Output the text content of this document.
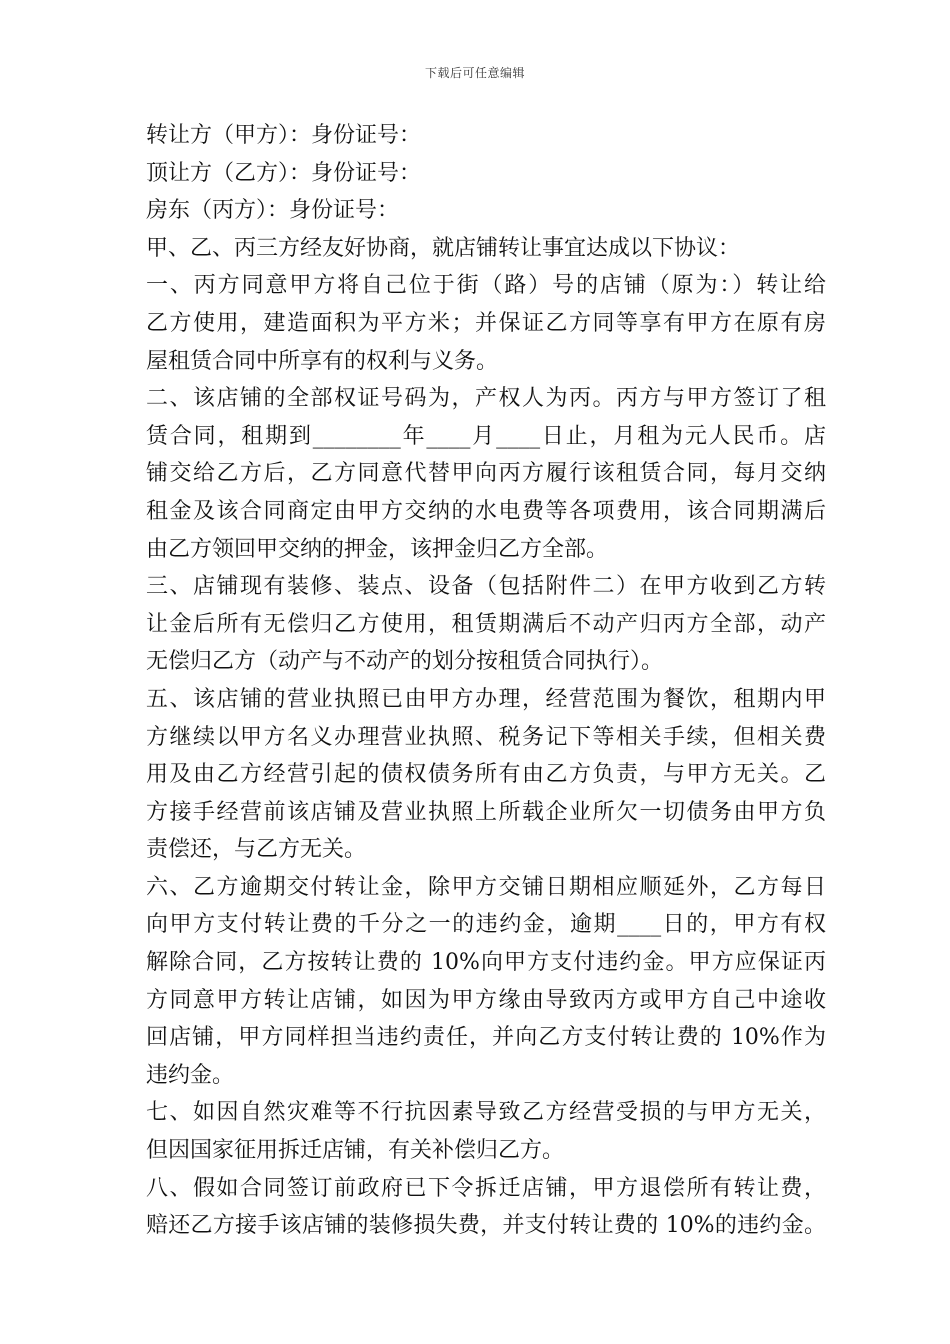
下载后可任意编辑
转让方（甲方）：身份证号：
顶让方（乙方）：身份证号：
房东（丙方）：身份证号：
甲、乙、丙三方经友好协商，就店铺转让事宜达成以下协议：
一、丙方同意甲方将自己位于街（路）号的店铺（原为：）转让给
乙方使用，建造面积为平方米；并保证乙方同等享有甲方在原有房
屋租赁合同中所享有的权利与义务。
二、该店铺的全部权证号码为，产权人为丙。丙方与甲方签订了租
赁合同，租期到________年____月____日止，月租为元人民币。店
铺交给乙方后，乙方同意代替甲向丙方履行该租赁合同，每月交纳
租金及该合同商定由甲方交纳的水电费等各项费用，该合同期满后
由乙方领回甲交纳的押金，该押金归乙方全部。
三、店铺现有装修、装点、设备（包括附件二）在甲方收到乙方转
让金后所有无偿归乙方使用，租赁期满后不动产归丙方全部，动产
无偿归乙方（动产与不动产的划分按租赁合同执行）。
五、该店铺的营业执照已由甲方办理，经营范围为餐饮，租期内甲
方继续以甲方名义办理营业执照、税务记下等相关手续，但相关费
用及由乙方经营引起的债权债务所有由乙方负责，与甲方无关。乙
方接手经营前该店铺及营业执照上所载企业所欠一切债务由甲方负
责偿还，与乙方无关。
六、乙方逾期交付转让金，除甲方交铺日期相应顺延外，乙方每日
向甲方支付转让费的千分之一的违约金，逾期____日的，甲方有权
解除合同，乙方按转让费的 10%向甲方支付违约金。甲方应保证丙
方同意甲方转让店铺，如因为甲方缘由导致丙方或甲方自己中途收
回店铺，甲方同样担当违约责任，并向乙方支付转让费的 10%作为
违约金。
七、如因自然灾难等不行抗因素导致乙方经营受损的与甲方无关，
但因国家征用拆迁店铺，有关补偿归乙方。
八、假如合同签订前政府已下令拆迁店铺，甲方退偿所有转让费，
赔还乙方接手该店铺的装修损失费，并支付转让费的 10%的违约金。
